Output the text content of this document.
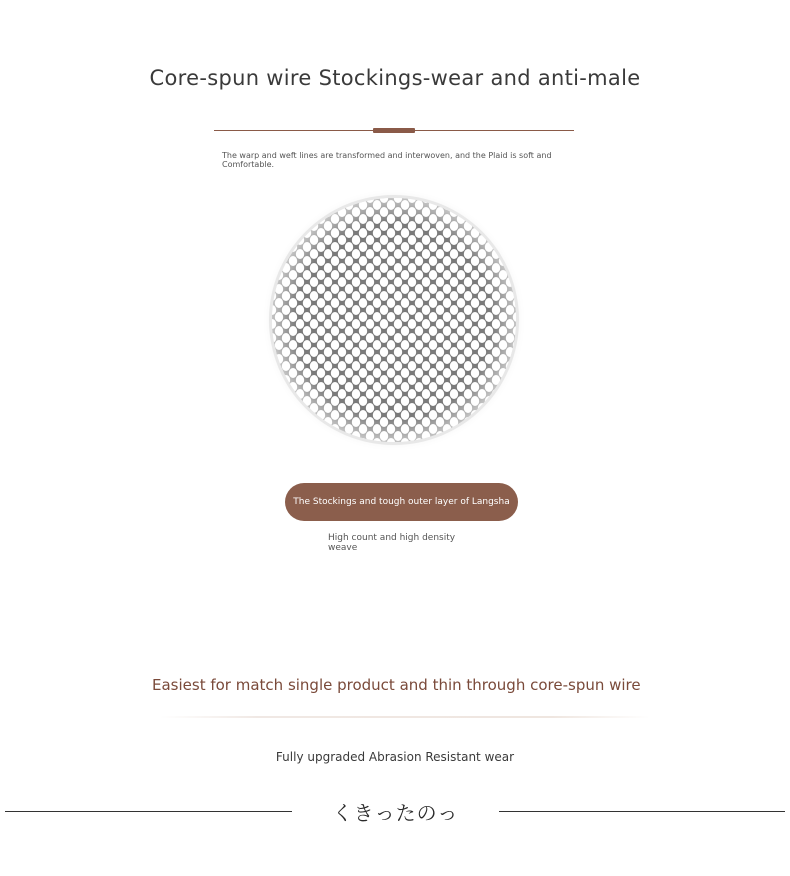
Core-spun wire Stockings-wear and anti-male
The warp and weft lines are transformed and interwoven, and the Plaid is soft and Comfortable.
The Stockings and tough outer layer of Langsha
High count and high density weave
Easiest for match single product and thin through core-spun wire
Fully upgraded Abrasion Resistant wear
くきったのっ
